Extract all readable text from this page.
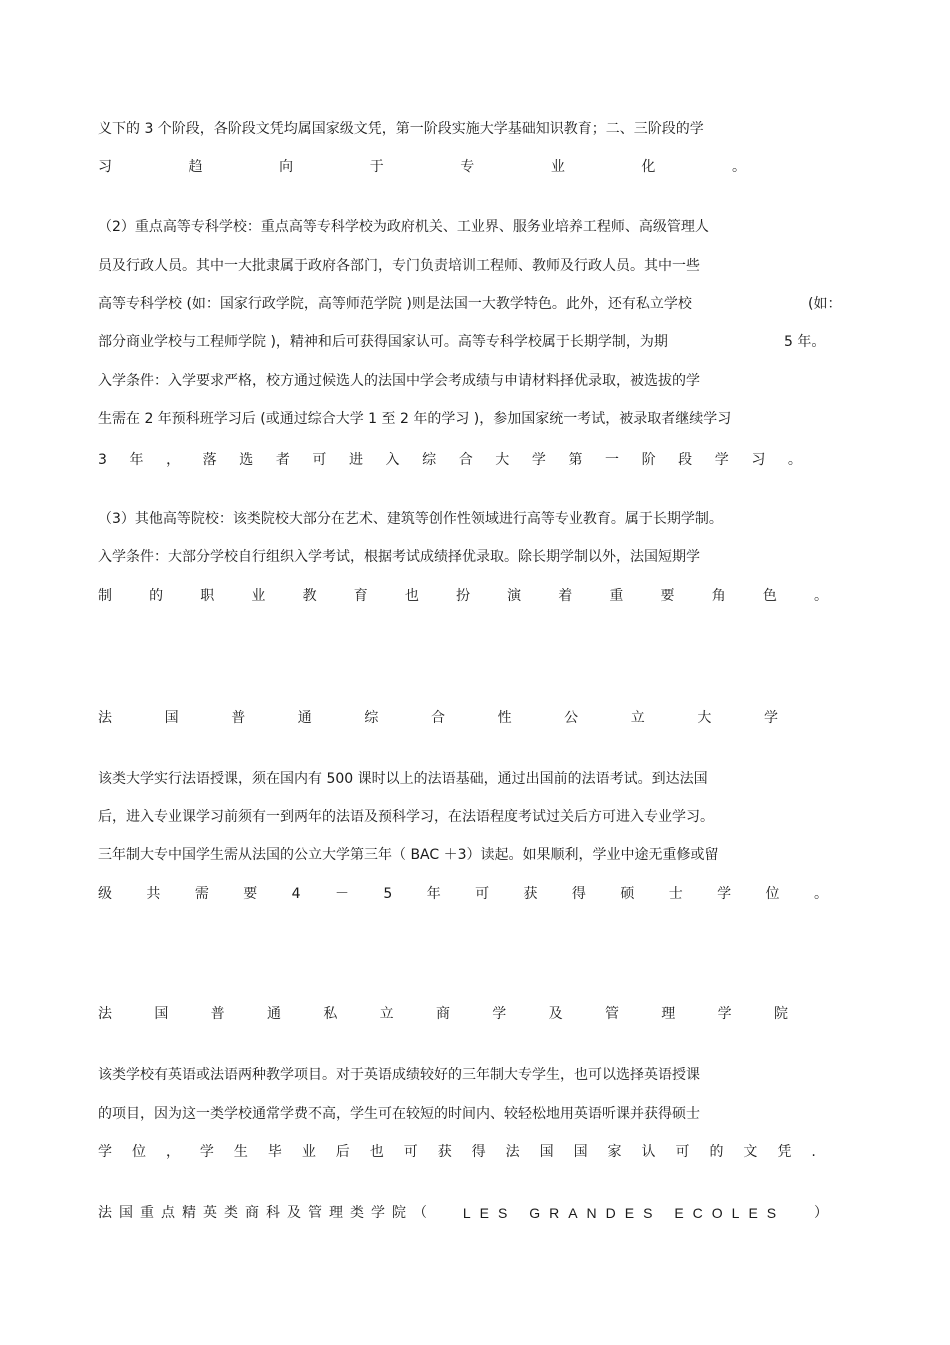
义下的 3 个阶段，各阶段文凭均属国家级文凭，第一阶段实施大学基础知识教育；二、三阶段的学

习	趋	向	于	专	业	化	。

（2）重点高等专科学校：重点高等专科学校为政府机关、工业界、服务业培养工程师、高级管理人

员及行政人员。其中一大批隶属于政府各部门，专门负责培训工程师、教师及行政人员。其中一些

高等专科学校 (如：国家行政学院，高等师范学院 )则是法国一大教学特色。此外，还有私立学校	(如：

部分商业学校与工程师学院 )，精神和后可获得国家认可。高等专科学校属于长期学制，为期	5 年。

入学条件：入学要求严格，校方通过候选人的法国中学会考成绩与申请材料择优录取，被选拔的学

生需在 2 年预科班学习后 (或通过综合大学 1 至 2 年的学习 )，参加国家统一考试，被录取者继续学习

3 年 ， 落 选 者 可 进 入 综 合 大 学 第 一 阶 段 学 习 。

（3）其他高等院校：该类院校大部分在艺术、建筑等创作性领域进行高等专业教育。属于长期学制。

入学条件：大部分学校自行组织入学考试，根据考试成绩择优录取。除长期学制以外，法国短期学

制	的	职	业	教	育	也	扮	演	着	重	要	角	色	。
法	国	普	通	综	合	性	公	立	大	学

该类大学实行法语授课，须在国内有 500 课时以上的法语基础，通过出国前的法语考试。到达法国

后，进入专业课学习前须有一到两年的法语及预科学习，在法语程度考试过关后方可进入专业学习。

三年制大专中国学生需从法国的公立大学第三年（ BAC ＋3）读起。如果顺利，学业中途无重修或留

级 共 需 要 4 － 5 年 可 获 得 硕 士 学 位 。
法	国	普	通	私	立	商	学	及	管	理	学	院

该类学校有英语或法语两种教学项目。对于英语成绩较好的三年制大专学生，也可以选择英语授课

的项目，因为这一类学校通常学费不高，学生可在较短的时间内、较轻松地用英语听课并获得硕士

学 位 ， 学 生 毕 业 后 也 可 获 得 法 国 国 家 认 可 的 文 凭 .
法国重点精英类商科及管理类学院（ LES GRANDES ECOLES ）
